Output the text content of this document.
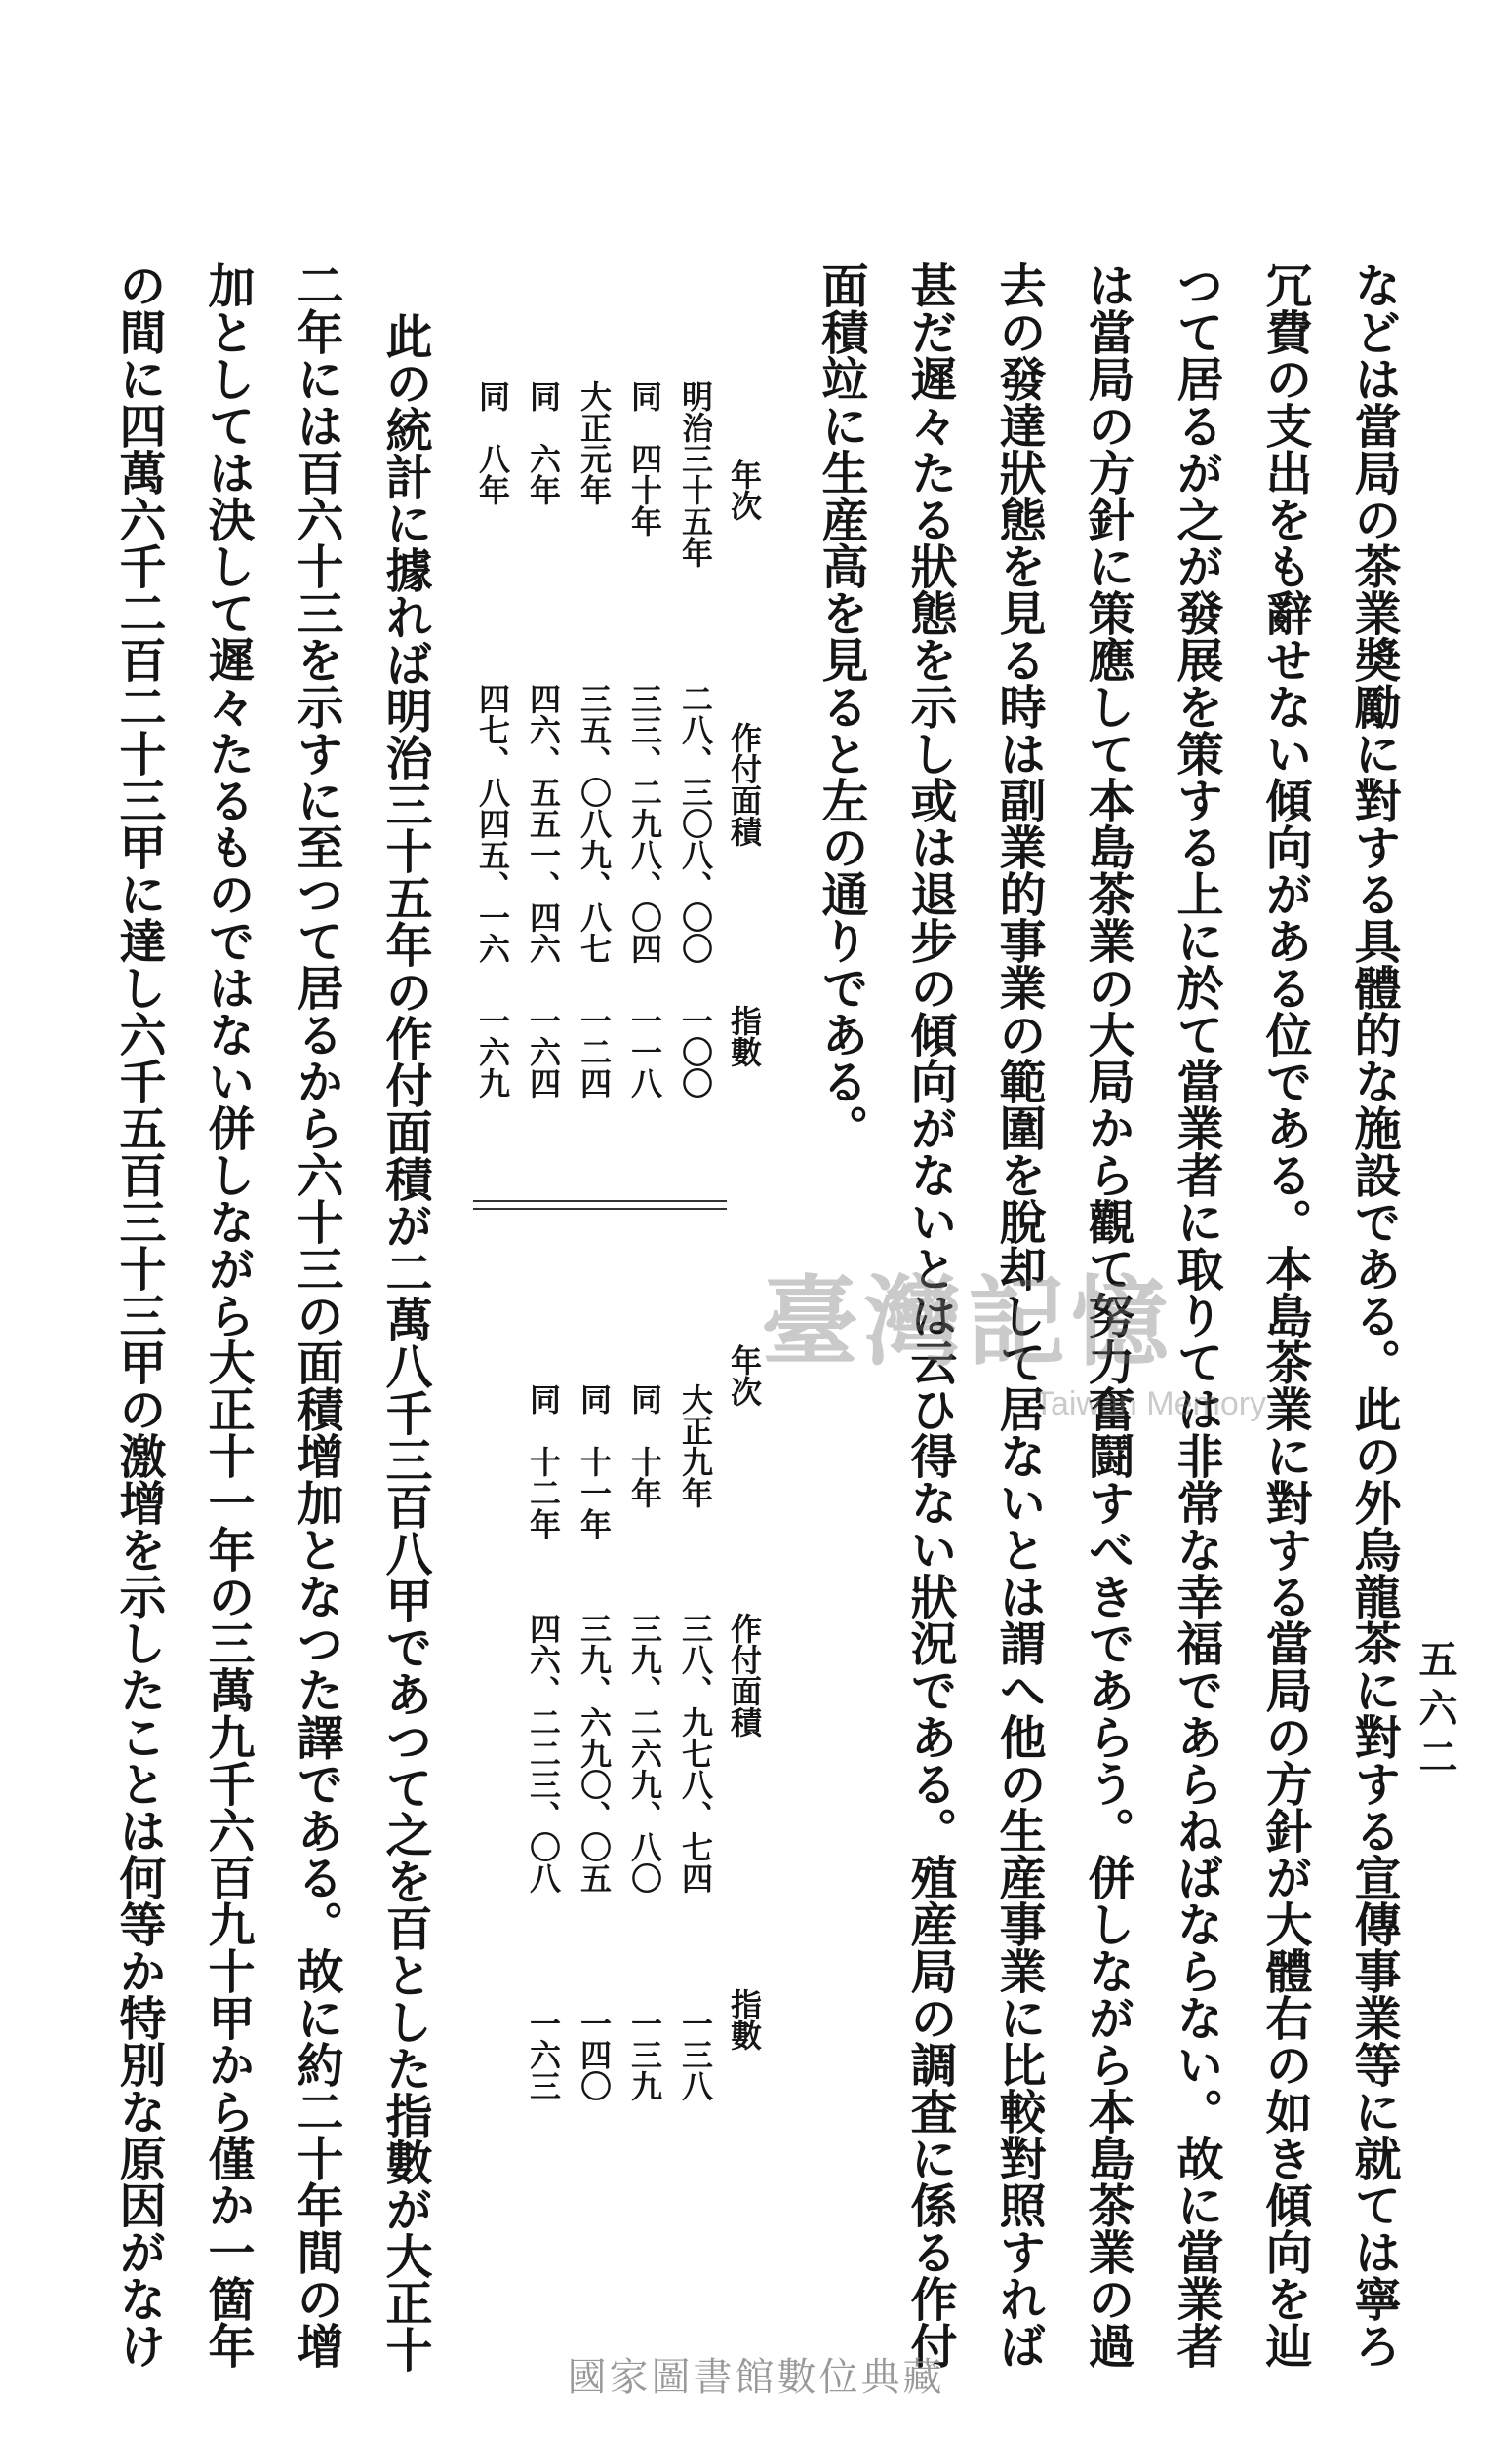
五六二
などは當局の茶業奬勵に對する具體的な施設である。此の外烏龍茶に對する宣傳事業等に就ては寧ろ
冗費の支出をも辭せない傾向がある位である。本島茶業に對する當局の方針が大體右の如き傾向を辿
つて居るが之が發展を策する上に於て當業者に取りては非常な幸福であらねばならない。故に當業者
は當局の方針に策應して本島茶業の大局から觀て努力奮鬪すべきであらう。併しながら本島茶業の過
去の發達狀態を見る時は副業的事業の範圍を脫却して居ないとは謂へ他の生産事業に比較對照すれば
甚だ遲々たる狀態を示し或は退步の傾向がないとは云ひ得ない狀況である。殖産局の調査に係る作付
面積竝に生産高を見ると左の通りである。
年次
作付面積
指數
大正九年
三八、九七八、七四
一三八
同　十年
三九、二六九、八〇
一三九
同　十一年
三九、六九〇、〇五
一四〇
同　十二年
四六、二二三、〇八
一六三
年次
作付面積
指數
明治三十五年
二八、三〇八、〇〇
一〇〇
同　四十年
三三、二九八、〇四
一一八
大正元年
三五、〇八九、八七
一二四
同　六年
四六、五五一、四六
一六四
同　八年
四七、八四五、一六
一六九
此の統計に據れば明治三十五年の作付面積が二萬八千三百八甲であつて之を百とした指數が大正十
二年には百六十三を示すに至つて居るから六十三の面積增加となつた譯である。故に約二十年間の增
加としては決して遲々たるものではない併しながら大正十一年の三萬九千六百九十甲から僅か一箇年
の間に四萬六千二百二十三甲に達し六千五百三十三甲の激增を示したことは何等か特別な原因がなけ	臺灣記憶
Taiwan Memory
國家圖書館數位典藏
